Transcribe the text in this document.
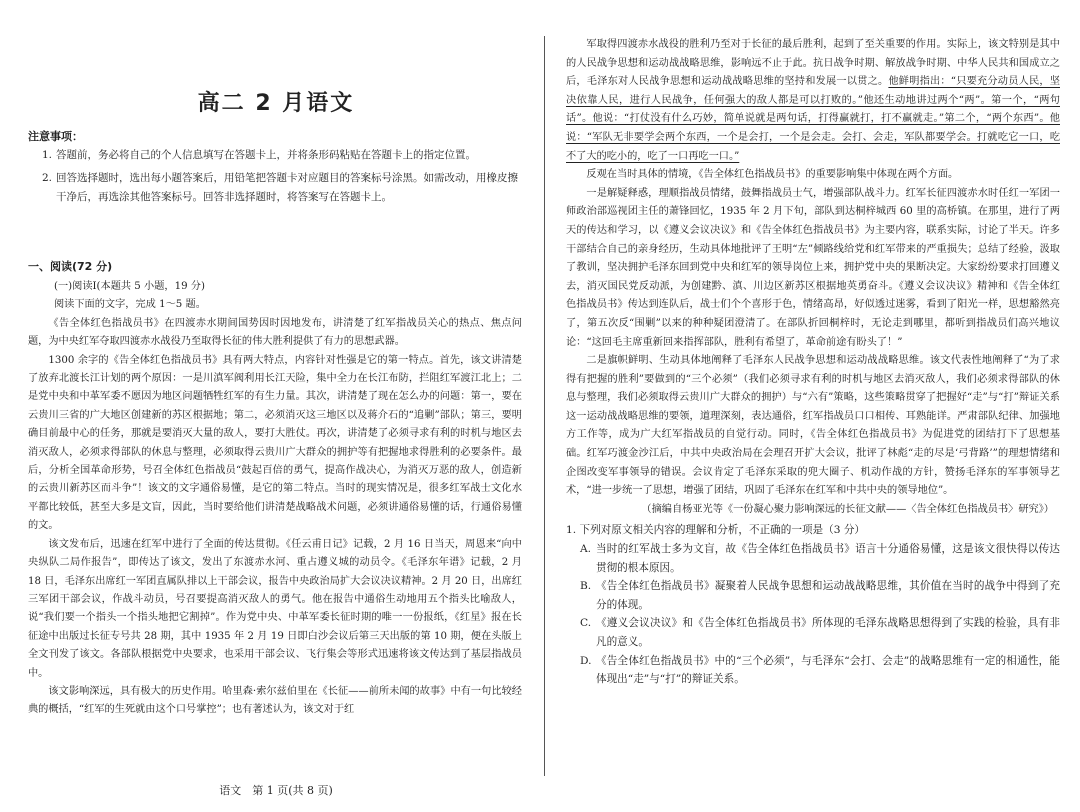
高二 2 月语文
注意事项：
1. 答题前，务必将自己的个人信息填写在答题卡上，并将条形码粘贴在答题卡上的指定位置。
2. 回答选择题时，选出每小题答案后，用铅笔把答题卡对应题目的答案标号涂黑。如需改动，用橡皮擦干净后，再选涂其他答案标号。回答非选择题时，将答案写在答题卡上。
一、阅读(72 分)

(一)阅读Ⅰ(本题共 5 小题，19 分)

阅读下面的文字，完成 1～5 题。

《告全体红色指战员书》在四渡赤水期间国势因时因地发布，讲清楚了红军指战员关心的热点、焦点问题，为中央红军夺取四渡赤水战役乃至取得长征的伟大胜利提供了有力的思想武器。

1300 余字的《告全体红色指战员书》具有两大特点，内容针对性强是它的第一特点。首先，该文讲清楚了放弃北渡长江计划的两个原因：一是川滇军阀利用长江天险，集中全力在长江布防，拦阻红军渡江北上；二是党中央和中革军委不愿因为地区问题牺牲红军的有生力量。其次，讲清楚了现在怎么办的问题：第一，要在云贵川三省的广大地区创建新的苏区根据地；第二，必须消灭这三地区以及蒋介石的“追剿”部队；第三，要明确目前最中心的任务，那就是要消灭大量的敌人，要打大胜仗。再次，讲清楚了必须寻求有利的时机与地区去消灭敌人，必须求得部队的休息与整理，必须取得云贵川广大群众的拥护等有把握地求得胜利的必要条件。最后，分析全国革命形势，号召全体红色指战员“鼓起百倍的勇气，提高作战决心，为消灭万恶的敌人，创造新的云贵川新苏区而斗争”！该文的文字通俗易懂，是它的第二特点。当时的现实情况是，很多红军战士文化水平都比较低，甚至大多是文盲，因此，当时要给他们讲清楚战略战术问题，必须讲通俗易懂的话，行通俗易懂的文。

该文发布后，迅速在红军中进行了全面的传达贯彻。《任云甫日记》记载，2 月 16 日当天，周恩来“向中央纵队二局作报告”，即传达了该文，发出了东渡赤水河、重占遵义城的动员令。《毛泽东年谱》记载，2 月 18 日，毛泽东出席红一军团直属队排以上干部会议，报告中央政治局扩大会议决议精神。2 月 20 日，出席红三军团干部会议，作战斗动员，号召要提高消灭敌人的勇气。他在报告中通俗生动地用五个指头比喻敌人，说“我们要一个指头一个指头地把它割掉”。作为党中央、中革军委长征时期的唯一一份报纸，《红星》报在长征途中出版过长征专号共 28 期，其中 1935 年 2 月 19 日即白沙会议后第三天出版的第 10 期，便在头版上全文刊发了该文。各部队根据党中央要求，也采用干部会议、飞行集会等形式迅速将该文传达到了基层指战员中。

该文影响深远，具有极大的历史作用。哈里森·索尔兹伯里在《长征——前所未闻的故事》中有一句比较经典的概括，“红军的生死就由这个口号掌控”；也有著述认为，该文对于红

语文　第 1 页(共 8 页)

军取得四渡赤水战役的胜利乃至对于长征的最后胜利，起到了至关重要的作用。实际上，该文特别是其中的人民战争思想和运动战战略思维，影响远不止于此。抗日战争时期、解放战争时期、中华人民共和国成立之后，毛泽东对人民战争思想和运动战战略思维的坚持和发展一以贯之。他鲜明指出：“只要充分动员人民，坚决依靠人民，进行人民战争，任何强大的敌人都是可以打败的。”他还生动地讲过两个“两”。第一个，“两句话”。他说：“打仗没有什么巧妙，简单说就是两句话，打得赢就打，打不赢就走。”第二个，“两个东西”。他说：“军队无非要学会两个东西，一个是会打，一个是会走。会打、会走，军队都要学会。打就吃它一口，吃不了大的吃小的，吃了一口再吃一口。”

反观在当时具体的情境，《告全体红色指战员书》的重要影响集中体现在两个方面。

一是解疑释惑，理顺指战员情绪，鼓舞指战员士气，增强部队战斗力。红军长征四渡赤水时任红一军团一师政治部巡视团主任的萧锋回忆，1935 年 2 月下旬，部队到达桐梓城西 60 里的高桥镇。在那里，进行了两天的传达和学习，以《遵义会议决议》和《告全体红色指战员书》为主要内容，联系实际，讨论了半天。许多干部结合自己的亲身经历，生动具体地批评了王明“左”倾路线给党和红军带来的严重损失；总结了经验，汲取了教训，坚决拥护毛泽东回到党中央和红军的领导岗位上来，拥护党中央的果断决定。大家纷纷要求打回遵义去，消灭国民党反动派，为创建黔、滇、川边区新苏区根据地英勇奋斗。《遵义会议决议》精神和《告全体红色指战员书》传达到连队后，战士们个个喜形于色，情绪高昂，好似透过迷雾，看到了阳光一样，思想豁然亮了，第五次反“围剿”以来的种种疑团澄清了。在部队折回桐梓时，无论走到哪里，都听到指战员们高兴地议论：“这回毛主席重新回来指挥部队，胜利有希望了，革命前途有盼头了！”

二是旗帜鲜明、生动具体地阐释了毛泽东人民战争思想和运动战战略思维。该文代表性地阐释了“为了求得有把握的胜利”要做到的“三个必须”（我们必须寻求有利的时机与地区去消灭敌人，我们必须求得部队的休息与整理，我们必须取得云贵川广大群众的拥护）与“六有”策略，这些策略贯穿了把握好“走”与“打”辩证关系这一运动战战略思维的要领，道理深刻，表达通俗，红军指战员口口相传、耳熟能详。严肃部队纪律、加强地方工作等，成为广大红军指战员的自觉行动。同时，《告全体红色指战员书》为促进党的团结打下了思想基础。红军巧渡金沙江后，中共中央政治局在会理召开扩大会议，批评了林彪“走的尽是‘弓背路’”的理想情绪和企图改变军事领导的错误。会议肯定了毛泽东采取的兜大圈子、机动作战的方针，赞扬毛泽东的军事领导艺术，“进一步统一了思想，增强了团结，巩固了毛泽东在红军和中共中央的领导地位”。

（摘编自杨亚光等《一份凝心聚力影响深远的长征文献——〈告全体红色指战员书〉研究》）

1. 下列对原文相关内容的理解和分析，不正确的一项是（3 分）

A. 当时的红军战士多为文盲，故《告全体红色指战员书》语言十分通俗易懂，这是该文很快得以传达贯彻的根本原因。
B. 《告全体红色指战员书》凝聚着人民战争思想和运动战战略思维，其价值在当时的战争中得到了充分的体现。
C. 《遵义会议决议》和《告全体红色指战员书》所体现的毛泽东战略思想得到了实践的检验，具有非凡的意义。
D. 《告全体红色指战员书》中的“三个必须”，与毛泽东“会打、会走”的战略思维有一定的相通性，能体现出“走”与“打”的辩证关系。
